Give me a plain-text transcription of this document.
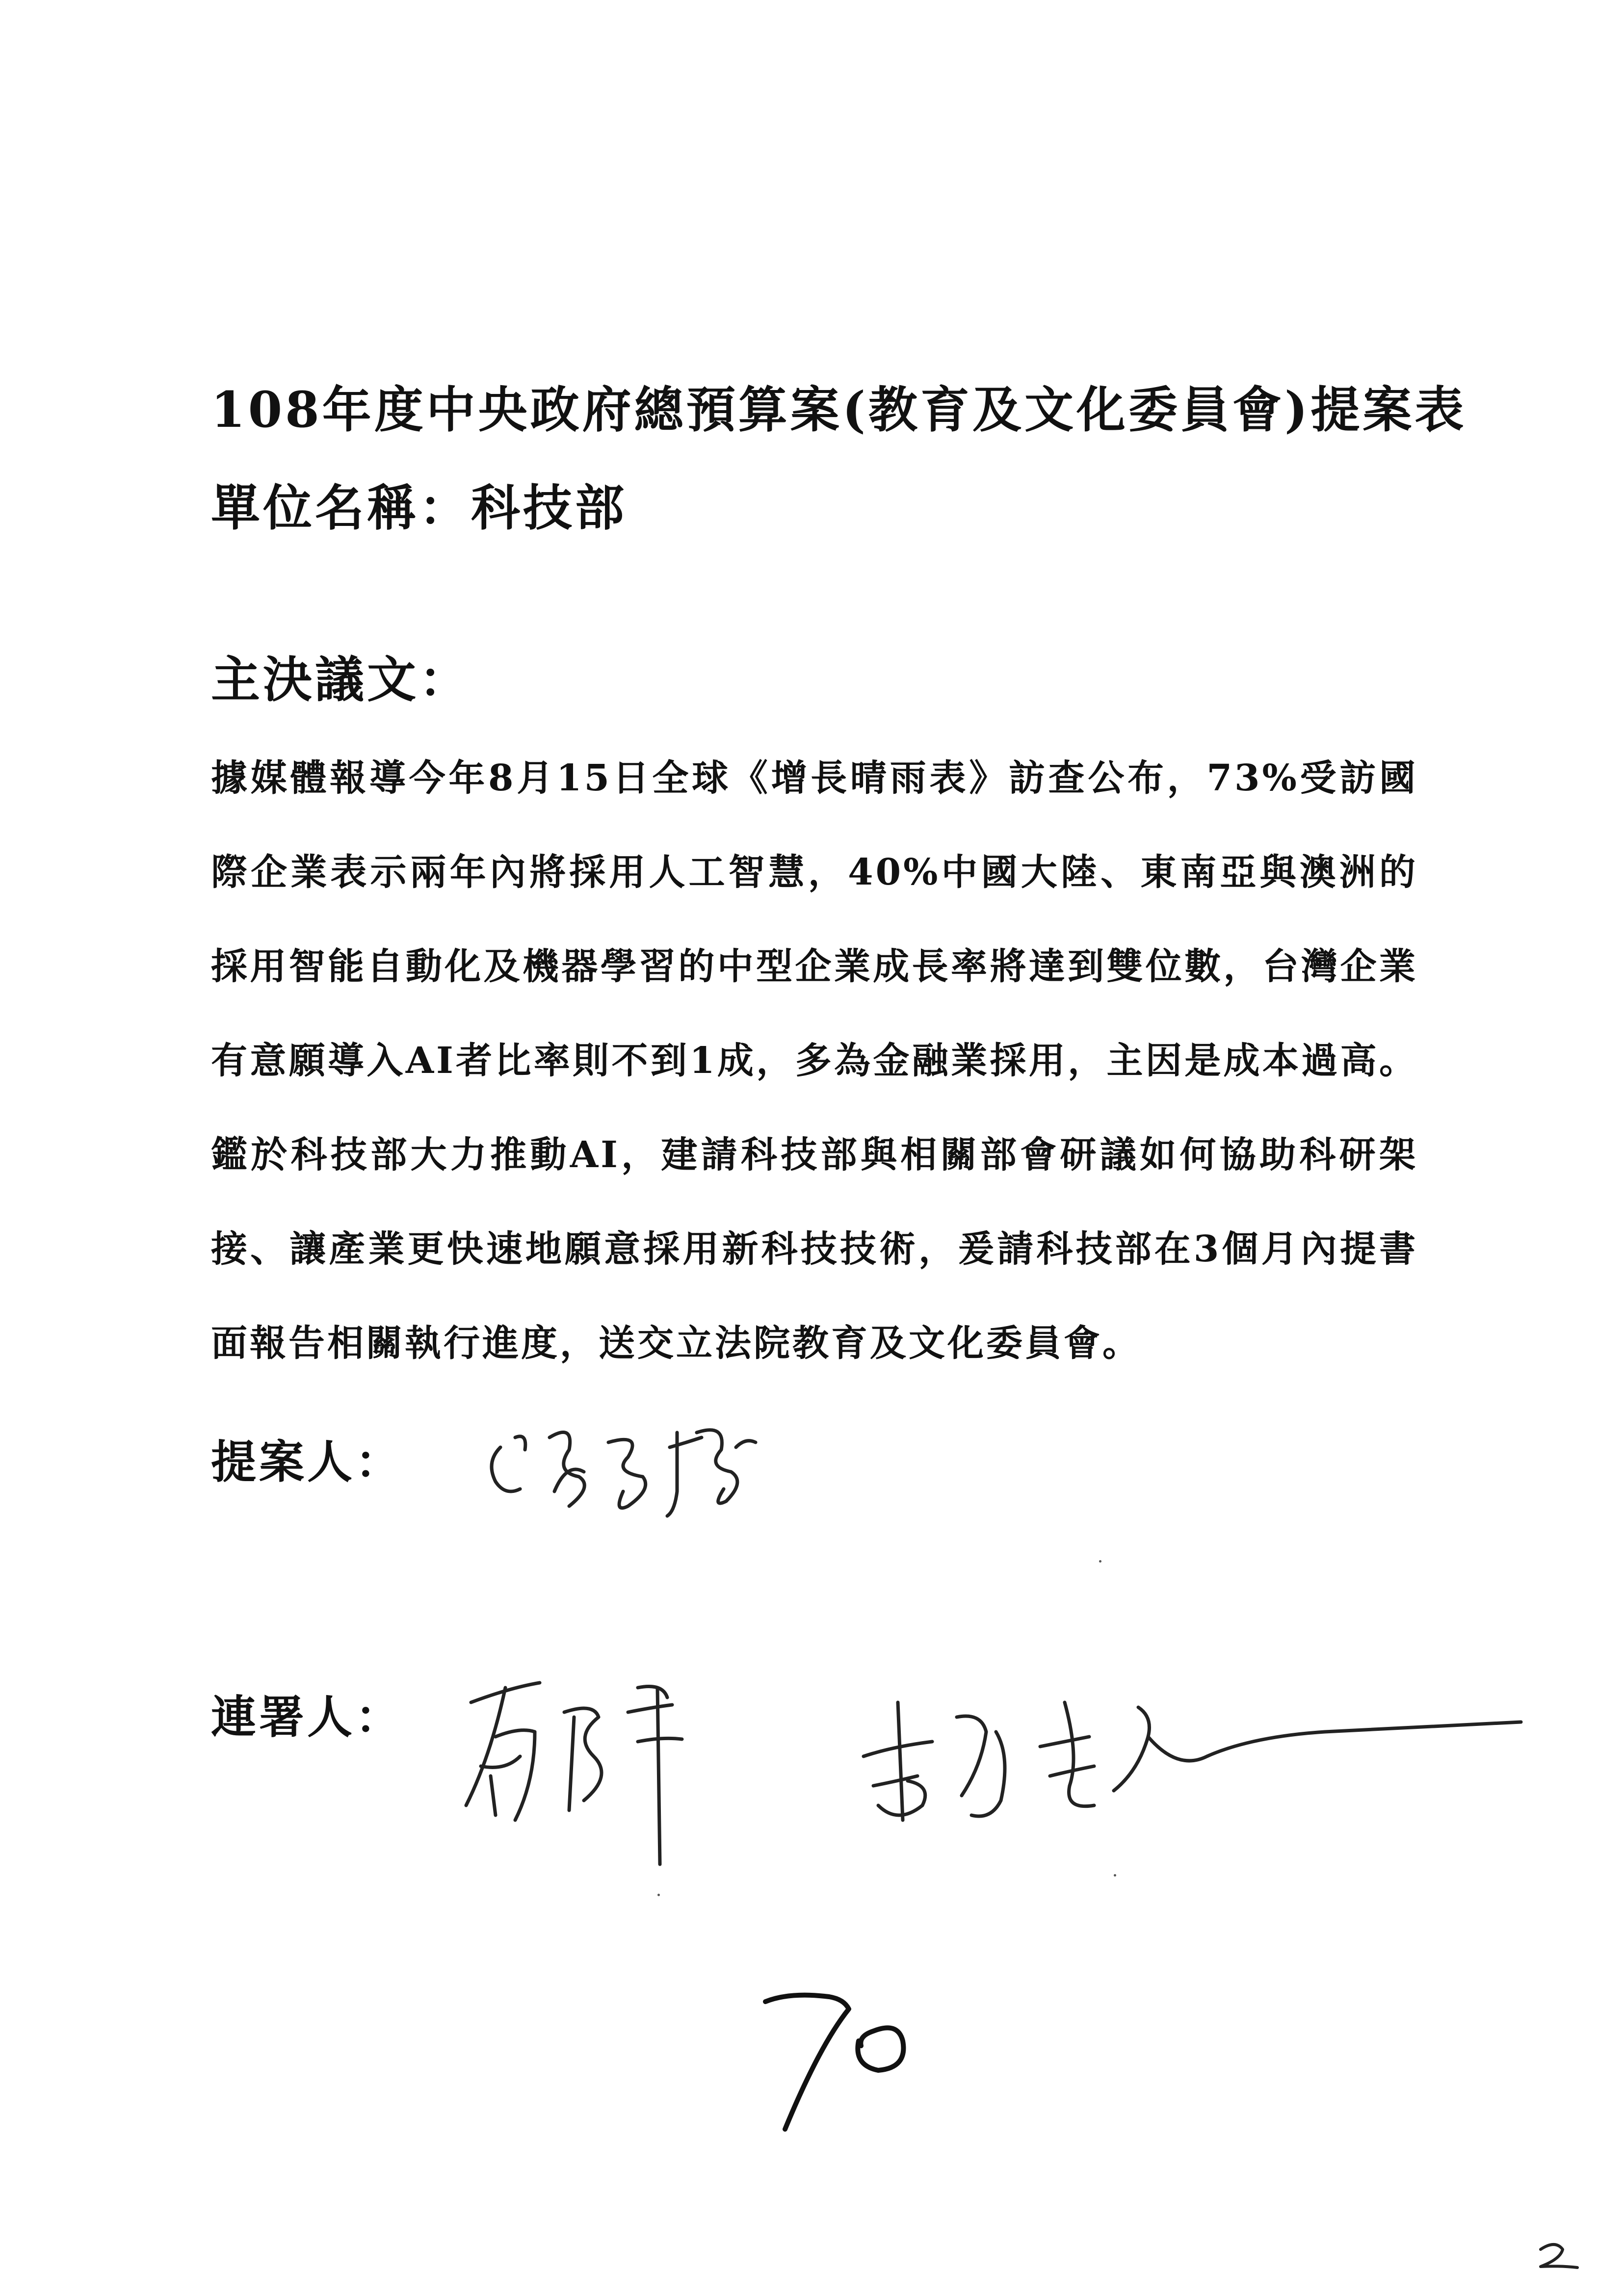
108年度中央政府總預算案(教育及文化委員會)提案表
單位名稱：科技部
主決議文：
據媒體報導今年8月15日全球《增長晴雨表》訪查公布，73%受訪國際企業表示兩年內將採用人工智慧，40%中國大陸、東南亞與澳洲的採用智能自動化及機器學習的中型企業成長率將達到雙位數，台灣企業有意願導入AI者比率則不到1成，多為金融業採用，主因是成本過高。鑑於科技部大力推動AI，建請科技部與相關部會研議如何協助科研架接、讓產業更快速地願意採用新科技技術，爰請科技部在3個月內提書面報告相關執行進度，送交立法院教育及文化委員會。
提案人：
連署人：
